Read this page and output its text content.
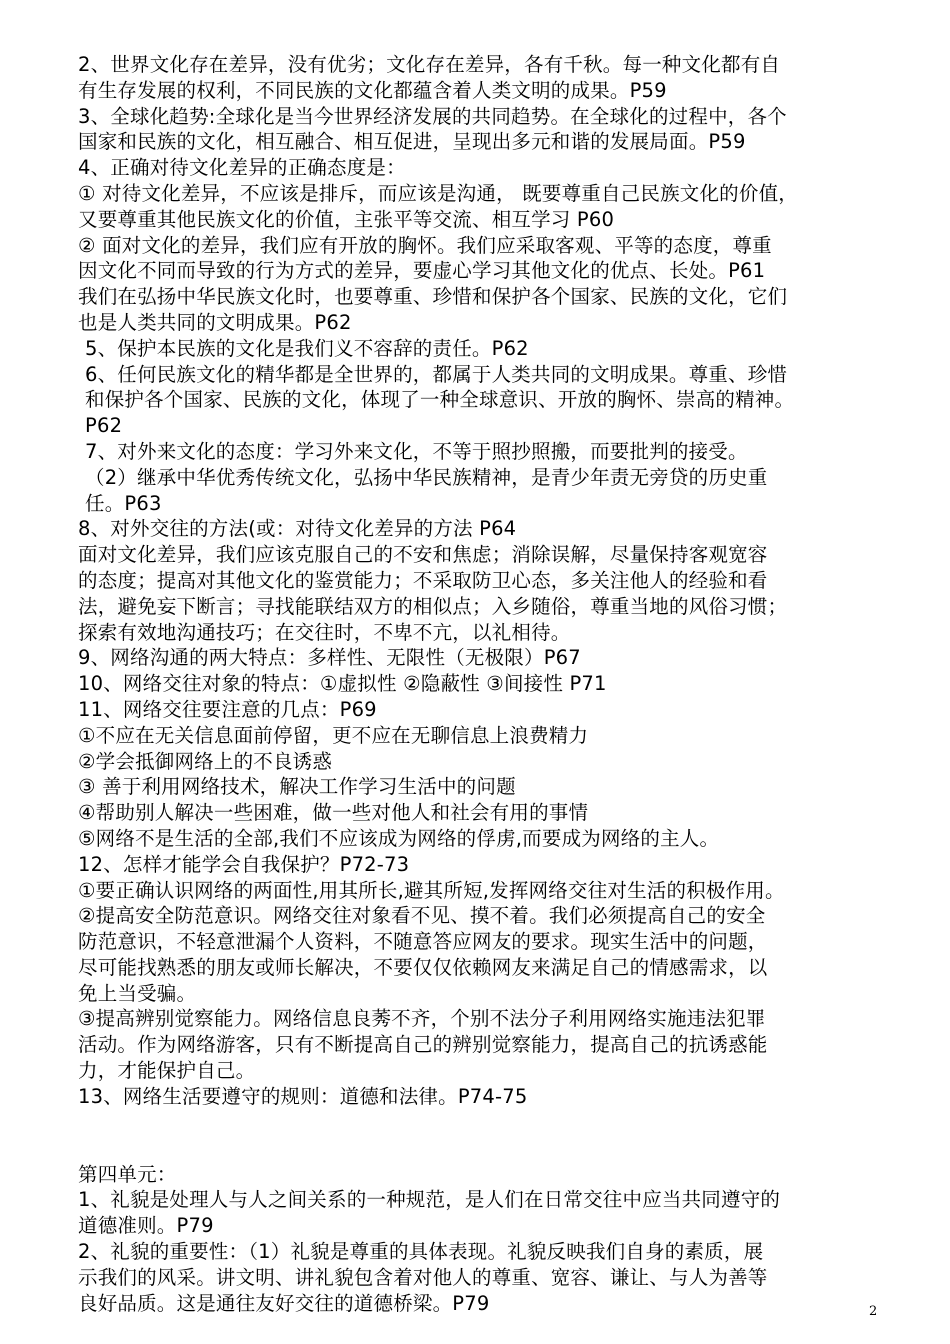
2、世界文化存在差异，没有优劣；文化存在差异，各有千秋。每一种文化都有自
有生存发展的权利，不同民族的文化都蕴含着人类文明的成果。P59
3、全球化趋势:全球化是当今世界经济发展的共同趋势。在全球化的过程中，各个
国家和民族的文化，相互融合、相互促进，呈现出多元和谐的发展局面。P59
4、正确对待文化差异的正确态度是：
① 对待文化差异，不应该是排斥，而应该是沟通， 既要尊重自己民族文化的价值，
又要尊重其他民族文化的价值，主张平等交流、相互学习 P60
② 面对文化的差异，我们应有开放的胸怀。我们应采取客观、平等的态度，尊重
因文化不同而导致的行为方式的差异，要虚心学习其他文化的优点、长处。P61
我们在弘扬中华民族文化时，也要尊重、珍惜和保护各个国家、民族的文化，它们
也是人类共同的文明成果。P62
5、保护本民族的文化是我们义不容辞的责任。P62
6、任何民族文化的精华都是全世界的，都属于人类共同的文明成果。尊重、珍惜
和保护各个国家、民族的文化，体现了一种全球意识、开放的胸怀、崇高的精神。
P62
7、对外来文化的态度：学习外来文化，不等于照抄照搬，而要批判的接受。
（2）继承中华优秀传统文化，弘扬中华民族精神，是青少年责无旁贷的历史重
任。P63
8、对外交往的方法(或：对待文化差异的方法 P64
面对文化差异，我们应该克服自己的不安和焦虑；消除误解，尽量保持客观宽容
的态度；提高对其他文化的鉴赏能力；不采取防卫心态，多关注他人的经验和看
法，避免妄下断言；寻找能联结双方的相似点；入乡随俗，尊重当地的风俗习惯；
探索有效地沟通技巧；在交往时，不卑不亢，以礼相待。
9、网络沟通的两大特点：多样性、无限性（无极限）P67
10、网络交往对象的特点：①虚拟性 ②隐蔽性 ③间接性 P71
11、网络交往要注意的几点：P69
①不应在无关信息面前停留，更不应在无聊信息上浪费精力
②学会抵御网络上的不良诱惑
③ 善于利用网络技术，解决工作学习生活中的问题
④帮助别人解决一些困难，做一些对他人和社会有用的事情
⑤网络不是生活的全部,我们不应该成为网络的俘虏,而要成为网络的主人。
12、怎样才能学会自我保护？P72-73
①要正确认识网络的两面性,用其所长,避其所短,发挥网络交往对生活的积极作用。
②提高安全防范意识。网络交往对象看不见、摸不着。我们必须提高自己的安全
防范意识，不轻意泄漏个人资料，不随意答应网友的要求。现实生活中的问题，
尽可能找熟悉的朋友或师长解决，不要仅仅依赖网友来满足自己的情感需求，以
免上当受骗。
③提高辨别觉察能力。网络信息良莠不齐，个别不法分子利用网络实施违法犯罪
活动。作为网络游客，只有不断提高自己的辨别觉察能力，提高自己的抗诱惑能
力，才能保护自己。
13、网络生活要遵守的规则：道德和法律。P74-75
第四单元：
1、礼貌是处理人与人之间关系的一种规范，是人们在日常交往中应当共同遵守的
道德准则。P79
2、礼貌的重要性：（1）礼貌是尊重的具体表现。礼貌反映我们自身的素质，展
示我们的风采。讲文明、讲礼貌包含着对他人的尊重、宽容、谦让、与人为善等
良好品质。这是通往友好交往的道德桥梁。P79	2
